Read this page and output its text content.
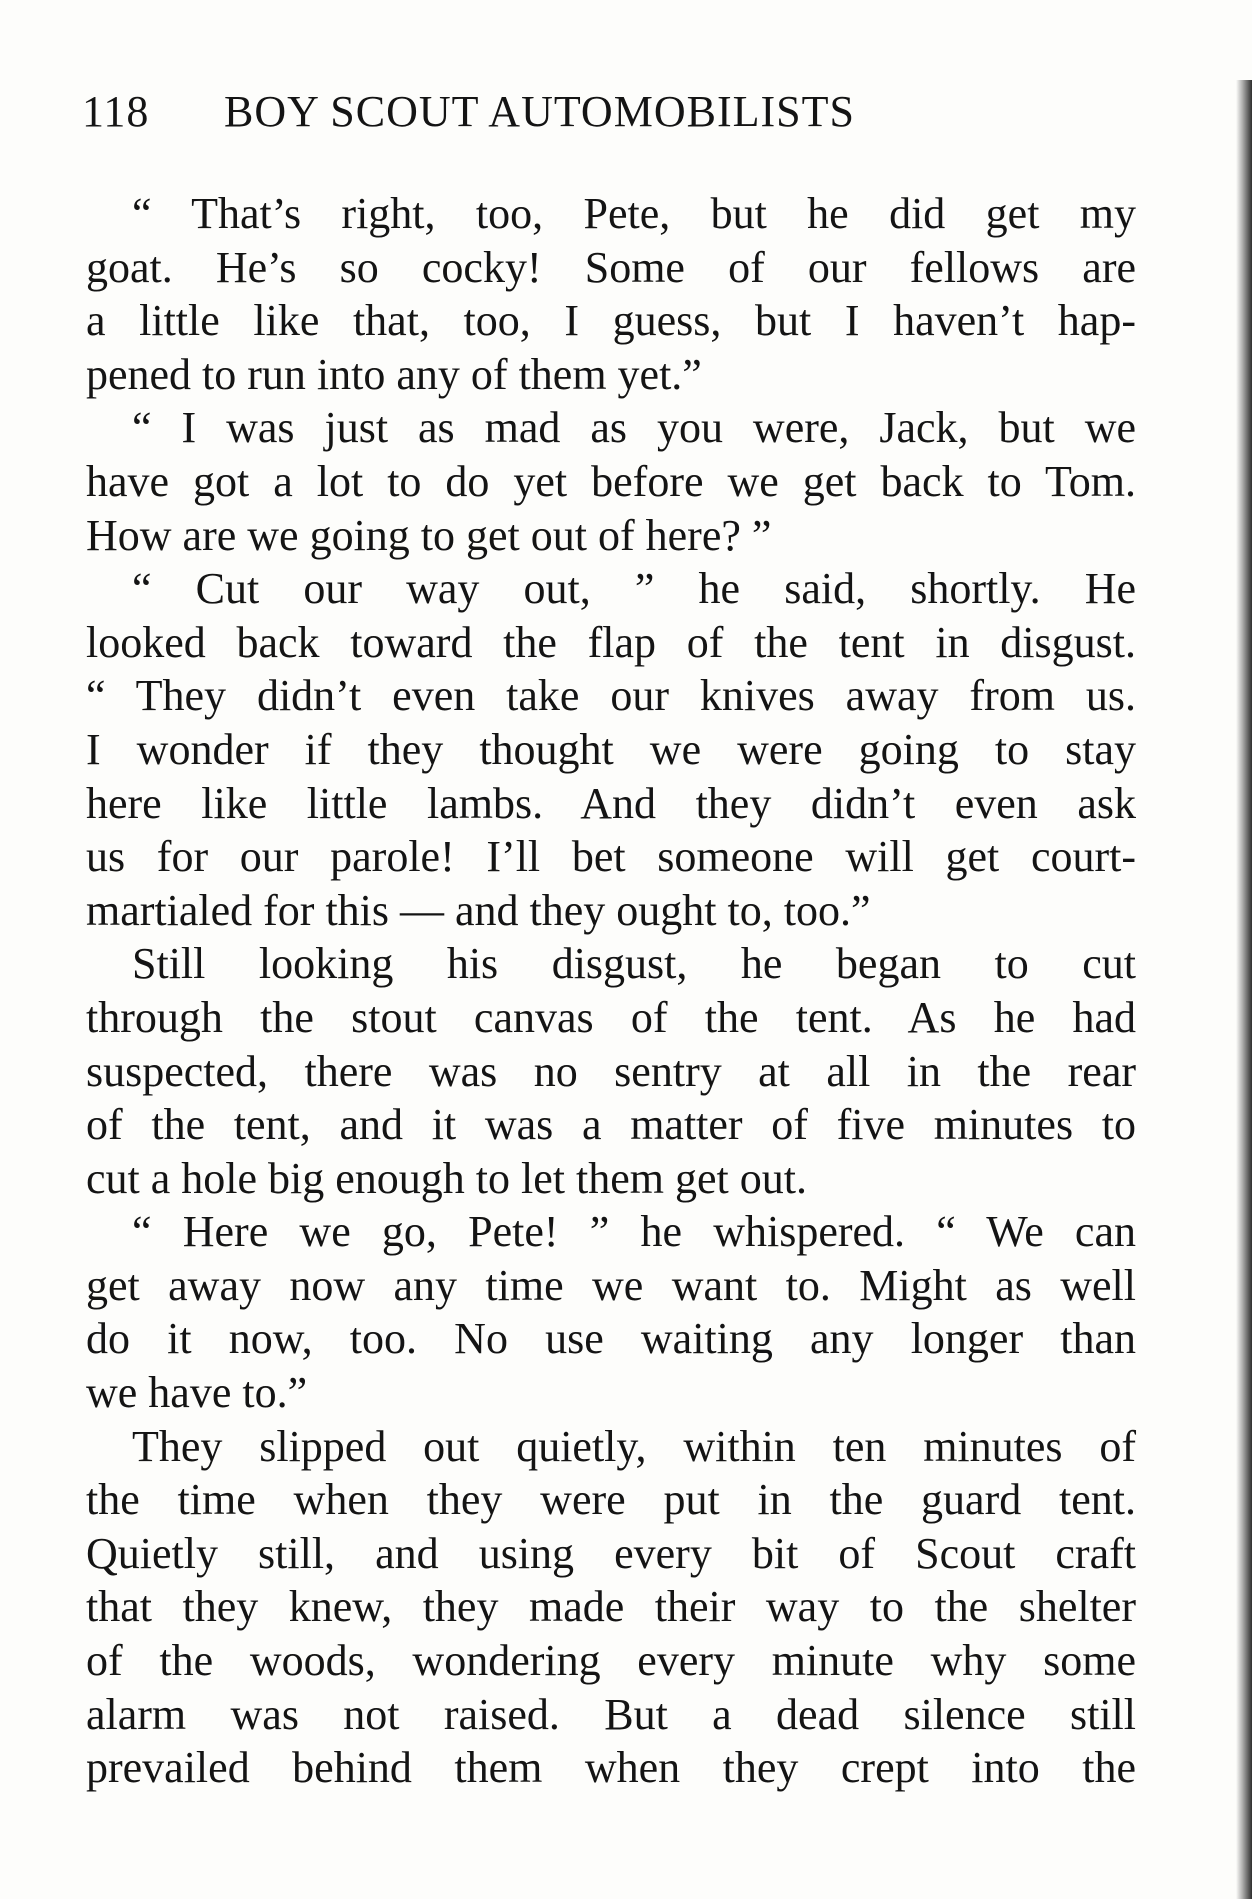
118 BOY SCOUT AUTOMOBILISTS
“ That’s right, too, Pete, but he did get my
goat. He’s so cocky! Some of our fellows are
a little like that, too, I guess, but I haven’t hap-
pened to run into any of them yet.”
“ I was just as mad as you were, Jack, but we
have got a lot to do yet before we get back to Tom.
How are we going to get out of here? ”
“ Cut our way out, ” he said, shortly. He
looked back toward the flap of the tent in disgust.
“ They didn’t even take our knives away from us.
I wonder if they thought we were going to stay
here like little lambs. And they didn’t even ask
us for our parole! I’ll bet someone will get court-
martialed for this — and they ought to, too.”
Still looking his disgust, he began to cut
through the stout canvas of the tent. As he had
suspected, there was no sentry at all in the rear
of the tent, and it was a matter of five minutes to
cut a hole big enough to let them get out.
“ Here we go, Pete! ” he whispered. “ We can
get away now any time we want to. Might as well
do it now, too. No use waiting any longer than
we have to.”
They slipped out quietly, within ten minutes of
the time when they were put in the guard tent.
Quietly still, and using every bit of Scout craft
that they knew, they made their way to the shelter
of the woods, wondering every minute why some
alarm was not raised. But a dead silence still
prevailed behind them when they crept into the
